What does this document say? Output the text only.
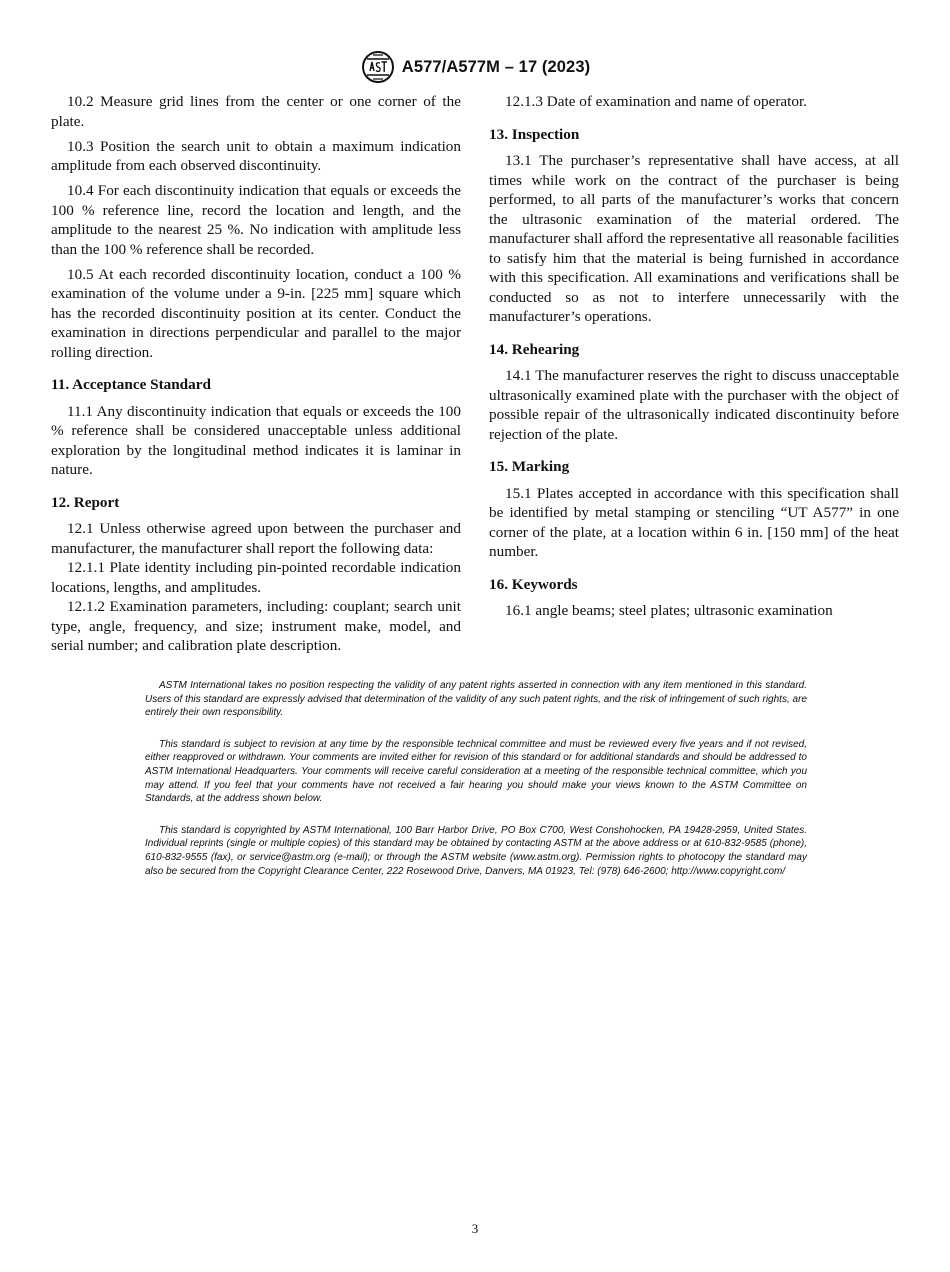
A577/A577M – 17 (2023)

10.2 Measure grid lines from the center or one corner of the plate.

10.3 Position the search unit to obtain a maximum indication amplitude from each observed discontinuity.

10.4 For each discontinuity indication that equals or exceeds the 100 % reference line, record the location and length, and the amplitude to the nearest 25 %. No indication with amplitude less than the 100 % reference shall be recorded.

10.5 At each recorded discontinuity location, conduct a 100 % examination of the volume under a 9-in. [225 mm] square which has the recorded discontinuity position at its center. Conduct the examination in directions perpendicular and parallel to the major rolling direction.

11. Acceptance Standard

11.1 Any discontinuity indication that equals or exceeds the 100 % reference shall be considered unacceptable unless additional exploration by the longitudinal method indicates it is laminar in nature.

12. Report

12.1 Unless otherwise agreed upon between the purchaser and manufacturer, the manufacturer shall report the following data:

12.1.1 Plate identity including pin-pointed recordable indication locations, lengths, and amplitudes.

12.1.2 Examination parameters, including: couplant; search unit type, angle, frequency, and size; instrument make, model, and serial number; and calibration plate description.

12.1.3 Date of examination and name of operator.

13. Inspection

13.1 The purchaser’s representative shall have access, at all times while work on the contract of the purchaser is being performed, to all parts of the manufacturer’s works that concern the ultrasonic examination of the material ordered. The manufacturer shall afford the representative all reasonable facilities to satisfy him that the material is being furnished in accordance with this specification. All examinations and verifications shall be conducted so as not to interfere unnecessarily with the manufacturer’s operations.

14. Rehearing

14.1 The manufacturer reserves the right to discuss unacceptable ultrasonically examined plate with the purchaser with the object of possible repair of the ultrasonically indicated discontinuity before rejection of the plate.

15. Marking

15.1 Plates accepted in accordance with this specification shall be identified by metal stamping or stenciling “UT A577” in one corner of the plate, at a location within 6 in. [150 mm] of the heat number.

16. Keywords

16.1 angle beams; steel plates; ultrasonic examination

ASTM International takes no position respecting the validity of any patent rights asserted in connection with any item mentioned in this standard. Users of this standard are expressly advised that determination of the validity of any such patent rights, and the risk of infringement of such rights, are entirely their own responsibility.

This standard is subject to revision at any time by the responsible technical committee and must be reviewed every five years and if not revised, either reapproved or withdrawn. Your comments are invited either for revision of this standard or for additional standards and should be addressed to ASTM International Headquarters. Your comments will receive careful consideration at a meeting of the responsible technical committee, which you may attend. If you feel that your comments have not received a fair hearing you should make your views known to the ASTM Committee on Standards, at the address shown below.

This standard is copyrighted by ASTM International, 100 Barr Harbor Drive, PO Box C700, West Conshohocken, PA 19428-2959, United States. Individual reprints (single or multiple copies) of this standard may be obtained by contacting ASTM at the above address or at 610-832-9585 (phone), 610-832-9555 (fax), or service@astm.org (e-mail); or through the ASTM website (www.astm.org). Permission rights to photocopy the standard may also be secured from the Copyright Clearance Center, 222 Rosewood Drive, Danvers, MA 01923, Tel: (978) 646-2600; http://www.copyright.com/

3
